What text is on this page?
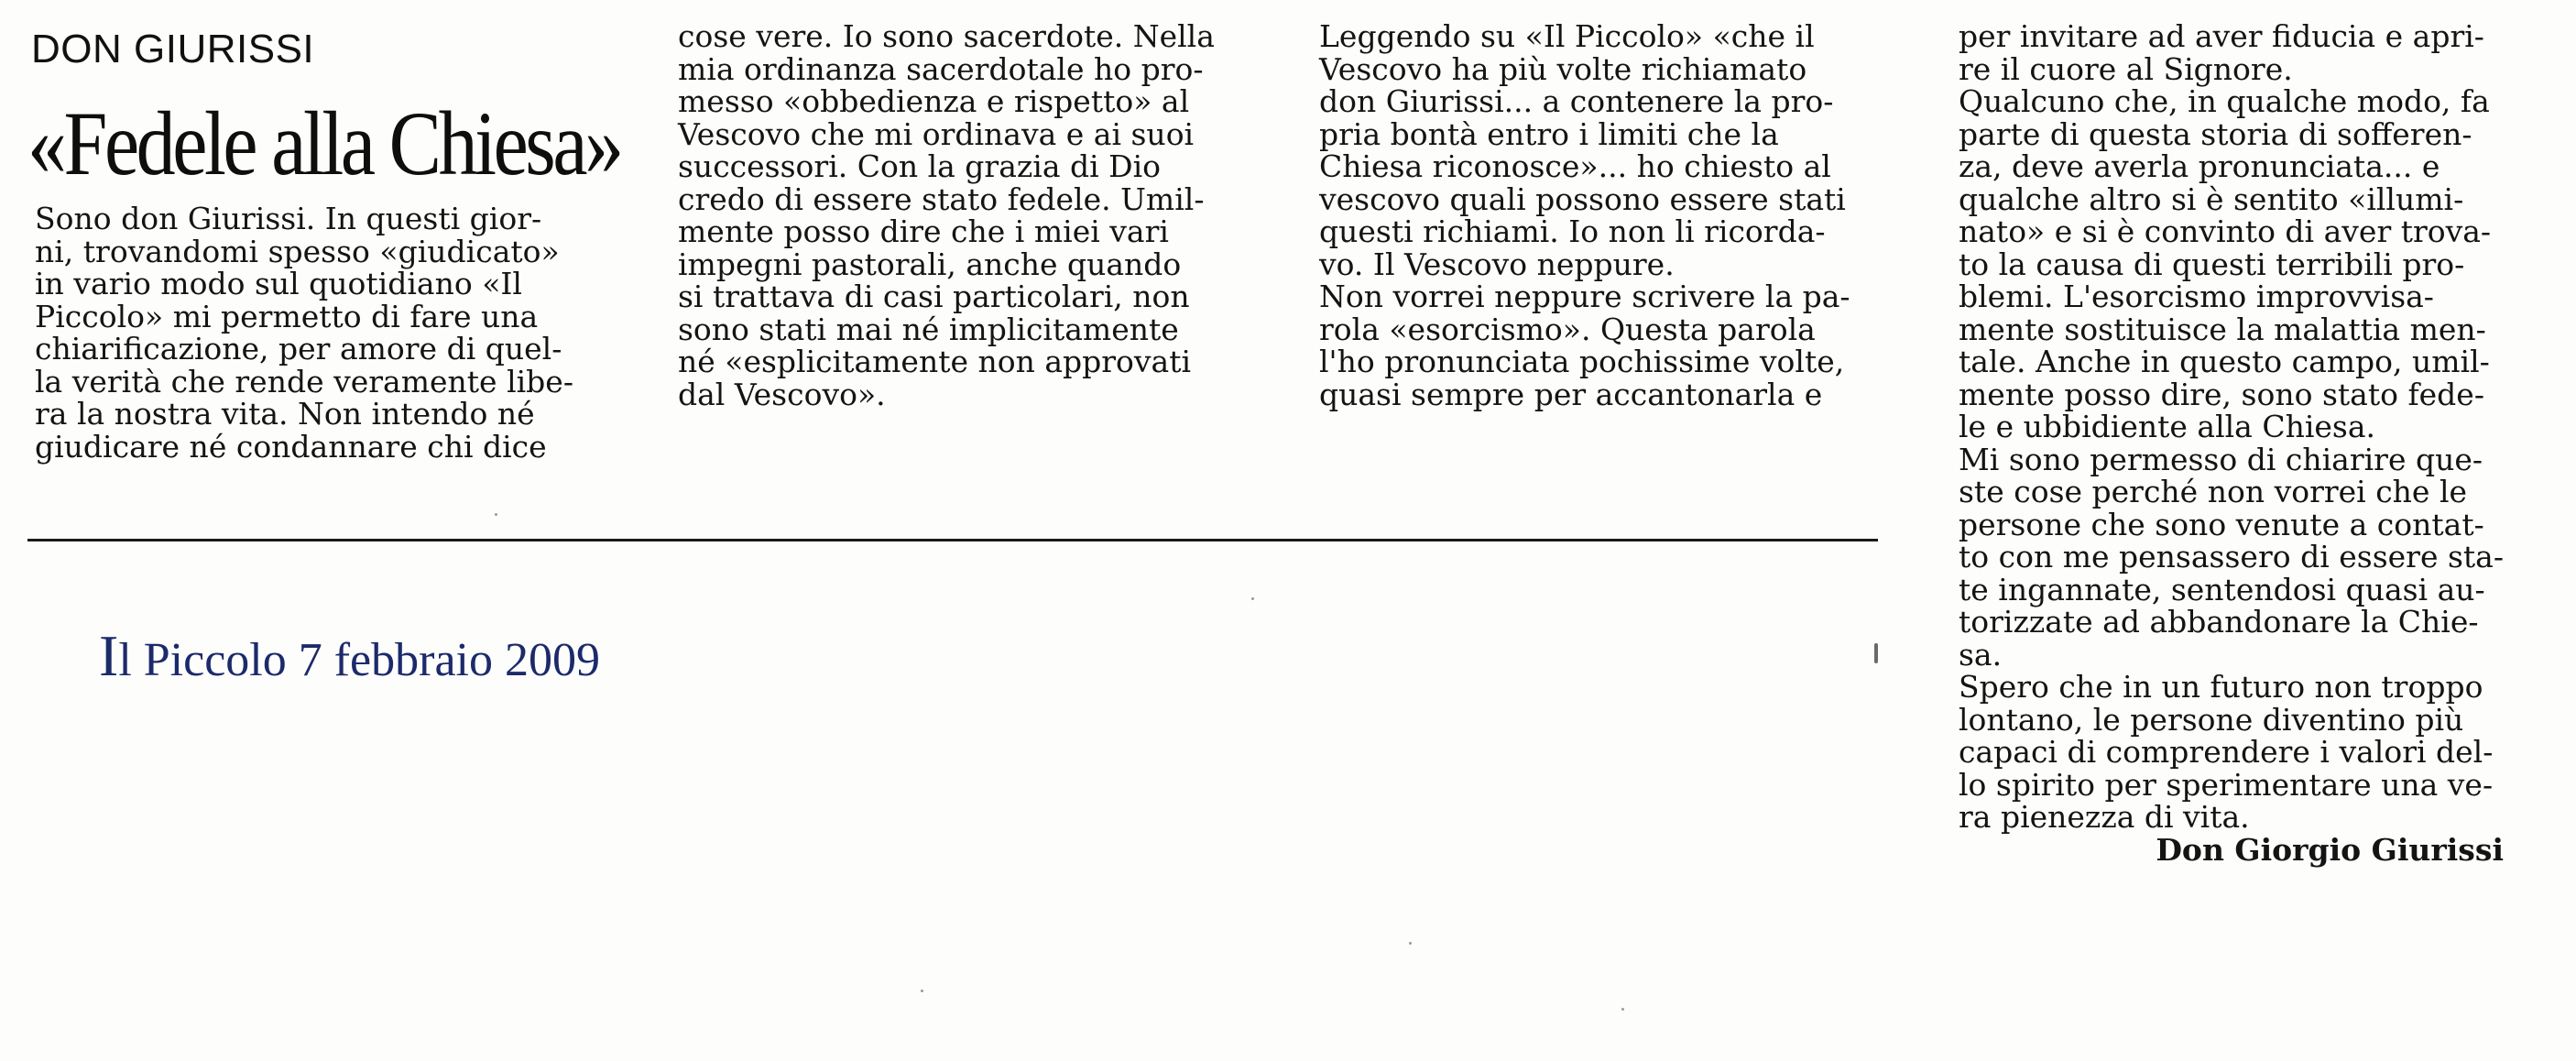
DON GIURISSI
«Fedele alla Chiesa»
Sono don Giurissi. In questi gior-
ni, trovandomi spesso «giudicato»
in vario modo sul quotidiano «Il
Piccolo» mi permetto di fare una
chiarificazione, per amore di quel-
la verità che rende veramente libe-
ra la nostra vita. Non intendo né
giudicare né condannare chi dice
cose vere. Io sono sacerdote. Nella
mia ordinanza sacerdotale ho pro-
messo «obbedienza e rispetto» al
Vescovo che mi ordinava e ai suoi
successori. Con la grazia di Dio
credo di essere stato fedele. Umil-
mente posso dire che i miei vari
impegni pastorali, anche quando
si trattava di casi particolari, non
sono stati mai né implicitamente
né «esplicitamente non approvati
dal Vescovo».
Leggendo su «Il Piccolo» «che il
Vescovo ha più volte richiamato
don Giurissi... a contenere la pro-
pria bontà entro i limiti che la
Chiesa riconosce»... ho chiesto al
vescovo quali possono essere stati
questi richiami. Io non li ricorda-
vo. Il Vescovo neppure.
Non vorrei neppure scrivere la pa-
rola «esorcismo». Questa parola
l'ho pronunciata pochissime volte,
quasi sempre per accantonarla e
per invitare ad aver fiducia e apri-
re il cuore al Signore.
Qualcuno che, in qualche modo, fa
parte di questa storia di sofferen-
za, deve averla pronunciata... e
qualche altro si è sentito «illumi-
nato» e si è convinto di aver trova-
to la causa di questi terribili pro-
blemi. L'esorcismo improvvisa-
mente sostituisce la malattia men-
tale. Anche in questo campo, umil-
mente posso dire, sono stato fede-
le e ubbidiente alla Chiesa.
Mi sono permesso di chiarire que-
ste cose perché non vorrei che le
persone che sono venute a contat-
to con me pensassero di essere sta-
te ingannate, sentendosi quasi au-
torizzate ad abbandonare la Chie-
sa.
Spero che in un futuro non troppo
lontano, le persone diventino più
capaci di comprendere i valori del-
lo spirito per sperimentare una ve-
ra pienezza di vita.
Don Giorgio Giurissi
Il Piccolo 7 febbraio 2009
